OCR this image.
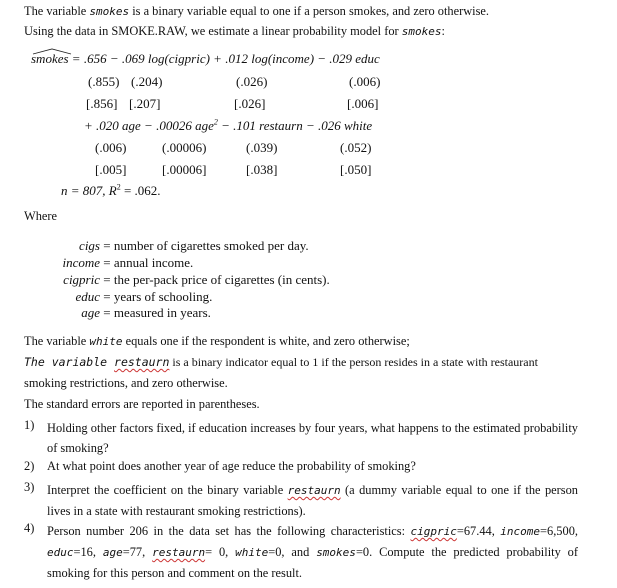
The variable smokes is a binary variable equal to one if a person smokes, and zero otherwise.
Using the data in SMOKE.RAW, we estimate a linear probability model for smokes:
smokes = .656 − .069 log(cigpric) + .012 log(income) − .029 educ
(.855) (.204)	(.026)	(.006)
[.856] [.207]	[.026]	[.006]
+ .020 age − .00026 age$^2$ − .101 restaurn − .026 white
(.006)	(.00006)	(.039)	(.052)
[.005]	[.00006]	[.038]	[.050]
n = 807, $R^2 = .062$.
Where
cigs = number of cigarettes smoked per day.
income = annual income.
cigpric = the per-pack price of cigarettes (in cents).
educ = years of schooling.
age = measured in years.
The variable white equals one if the respondent is white, and zero otherwise;
The variable restaurn is a binary indicator equal to 1 if the person resides in a state with restaurant
smoking restrictions, and zero otherwise.
The standard errors are reported in parentheses.
1) Holding other factors fixed, if education increases by four years, what happens to the estimated probability of smoking?
2) At what point does another year of age reduce the probability of smoking?
3) Interpret the coefficient on the binary variable restaurn (a dummy variable equal to one if the person lives in a state with restaurant smoking restrictions).
4) Person number 206 in the data set has the following characteristics: cigpric=67.44, income=6,500, educ=16, age=77, restaurn= 0, white=0, and smokes=0. Compute the predicted probability of smoking for this person and comment on the result.
